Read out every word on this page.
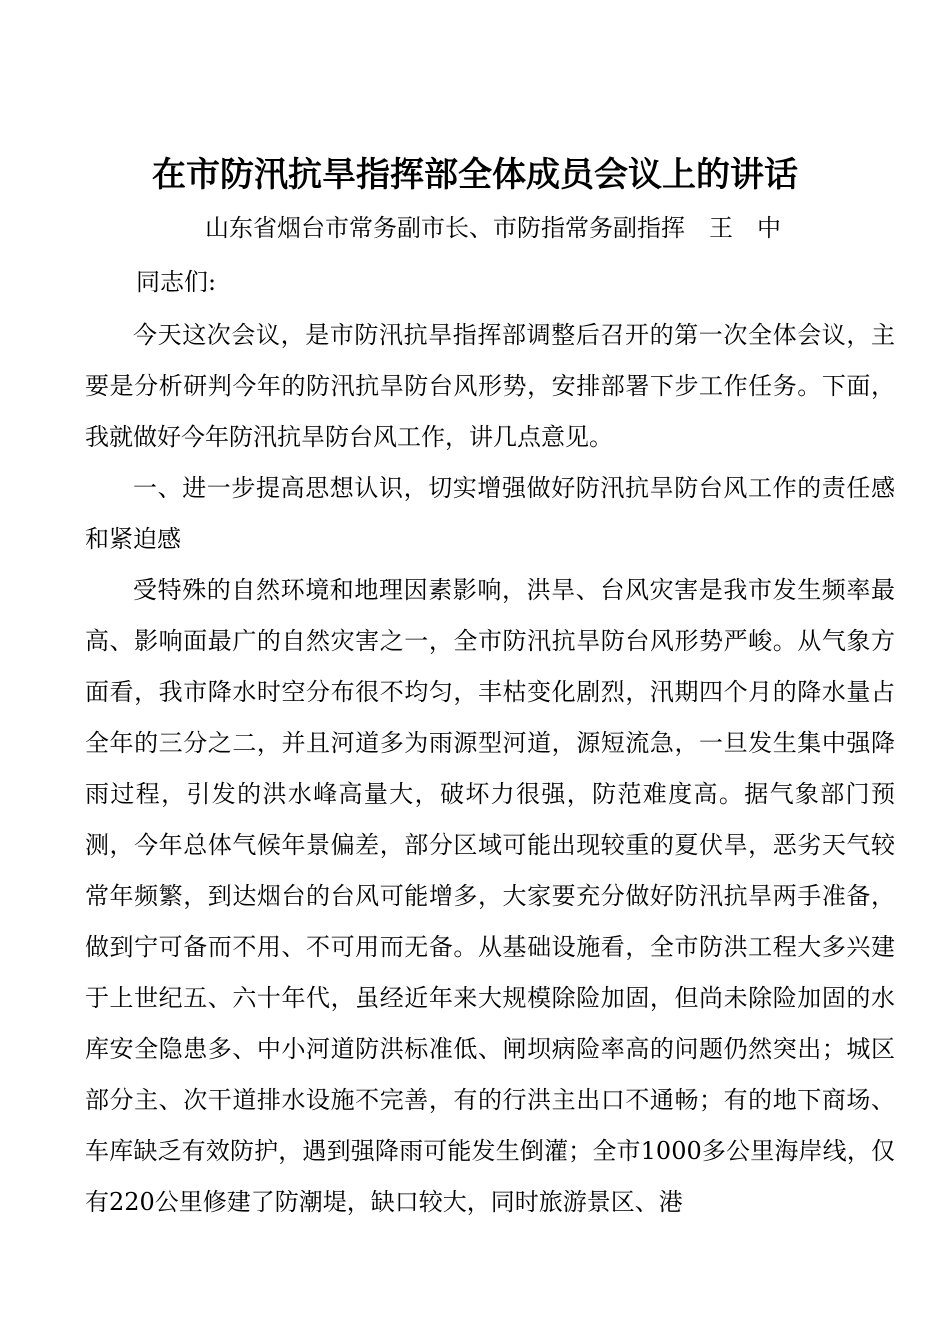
在市防汛抗旱指挥部全体成员会议上的讲话
山东省烟台市常务副市长、市防指常务副指挥 王　中
同志们:

今天这次会议，是市防汛抗旱指挥部调整后召开的第一次全体会议，主要是分析研判今年的防汛抗旱防台风形势，安排部署下步工作任务。下面，我就做好今年防汛抗旱防台风工作，讲几点意见。

一、进一步提高思想认识，切实增强做好防汛抗旱防台风工作的责任感和紧迫感

受特殊的自然环境和地理因素影响，洪旱、台风灾害是我市发生频率最高、影响面最广的自然灾害之一，全市防汛抗旱防台风形势严峻。从气象方面看，我市降水时空分布很不均匀，丰枯变化剧烈，汛期四个月的降水量占全年的三分之二，并且河道多为雨源型河道，源短流急，一旦发生集中强降雨过程，引发的洪水峰高量大，破坏力很强，防范难度高。据气象部门预测，今年总体气候年景偏差，部分区域可能出现较重的夏伏旱，恶劣天气较常年频繁，到达烟台的台风可能增多，大家要充分做好防汛抗旱两手准备，做到宁可备而不用、不可用而无备。从基础设施看，全市防洪工程大多兴建于上世纪五、六十年代，虽经近年来大规模除险加固，但尚未除险加固的水库安全隐患多、中小河道防洪标准低、闸坝病险率高的问题仍然突出；城区部分主、次干道排水设施不完善，有的行洪主出口不通畅；有的地下商场、车库缺乏有效防护，遇到强降雨可能发生倒灌；全市1000多公里海岸线，仅有220公里修建了防潮堤，缺口较大，同时旅游景区、港
